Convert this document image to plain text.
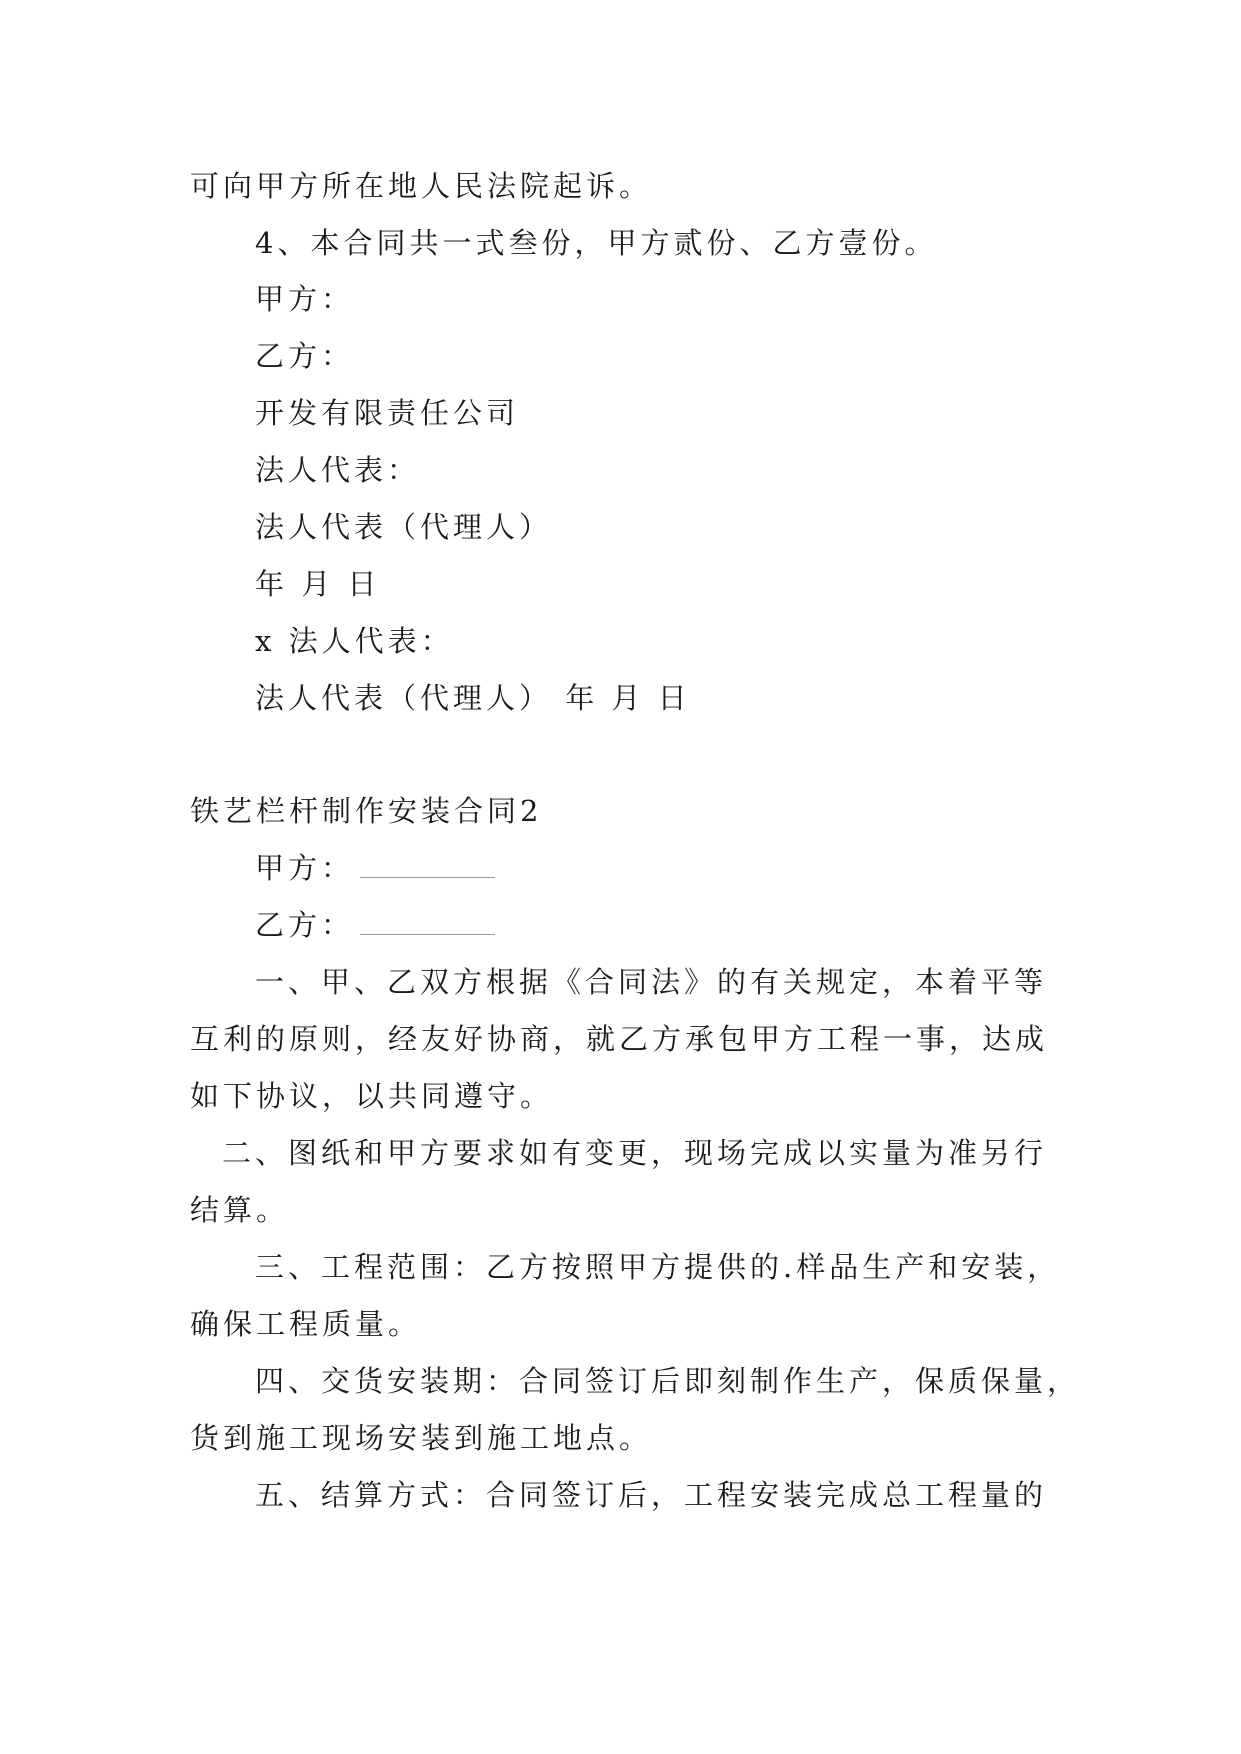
可向甲方所在地人民法院起诉。
4、本合同共一式叁份，甲方贰份、乙方壹份。
甲方：
乙方：
开发有限责任公司
法人代表：
法人代表（代理人）
年 月 日
x 法人代表：
法人代表（代理人） 年 月 日
铁艺栏杆制作安装合同2
甲方：
乙方：
一、甲、乙双方根据《合同法》的有关规定，本着平等
互利的原则，经友好协商，就乙方承包甲方工程一事，达成
如下协议，以共同遵守。
二、图纸和甲方要求如有变更，现场完成以实量为准另行
结算。
三、工程范围：乙方按照甲方提供的.样品生产和安装，
确保工程质量。
四、交货安装期：合同签订后即刻制作生产，保质保量，
货到施工现场安装到施工地点。
五、结算方式：合同签订后，工程安装完成总工程量的
